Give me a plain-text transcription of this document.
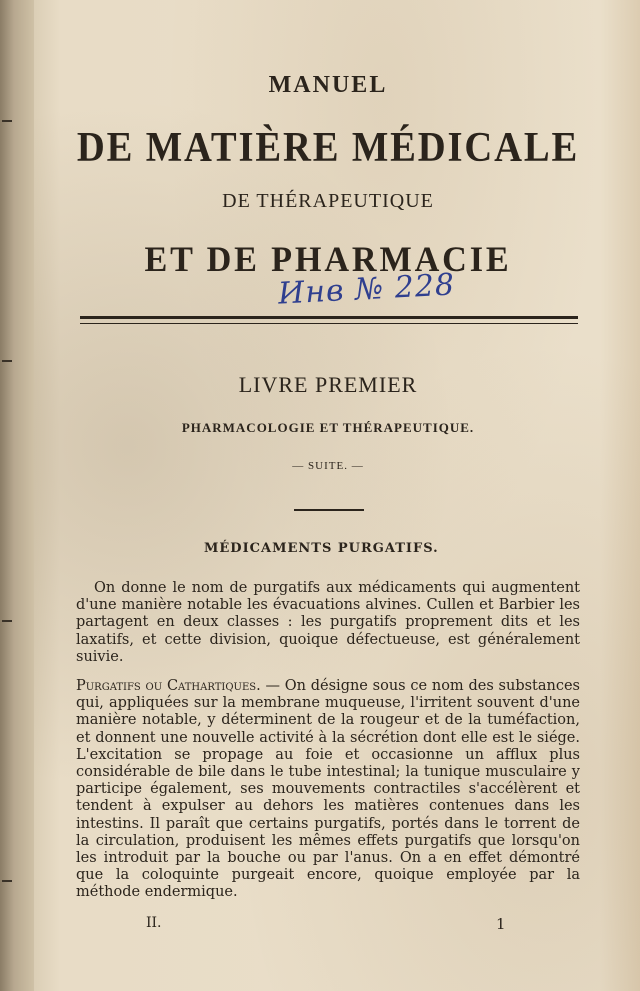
MANUEL
DE MATIÈRE MÉDICALE
DE THÉRAPEUTIQUE
ET DE PHARMACIE
Инв № 228
LIVRE PREMIER
PHARMACOLOGIE ET THÉRAPEUTIQUE.
— SUITE. —
MÉDICAMENTS PURGATIFS.
On donne le nom de purgatifs aux médicaments qui augmentent d'une manière notable les évacuations alvines. Cullen et Barbier les partagent en deux classes : les purgatifs proprement dits et les laxatifs, et cette division, quoique défectueuse, est généralement suivie.
Purgatifs ou Cathartiques. — On désigne sous ce nom des substances qui, appliquées sur la membrane muqueuse, l'irritent souvent d'une manière notable, y déterminent de la rougeur et de la tuméfaction, et donnent une nouvelle activité à la sécrétion dont elle est le siége. L'excitation se propage au foie et occasionne un afflux plus considérable de bile dans le tube intestinal; la tunique musculaire y participe également, ses mouvements contractiles s'accélèrent et tendent à expulser au dehors les matières contenues dans les intestins. Il paraît que certains purgatifs, portés dans le torrent de la circulation, produisent les mêmes effets purgatifs que lorsqu'on les introduit par la bouche ou par l'anus. On a en effet démontré que la coloquinte purgeait encore, quoique employée par la méthode endermique.
II.	1
